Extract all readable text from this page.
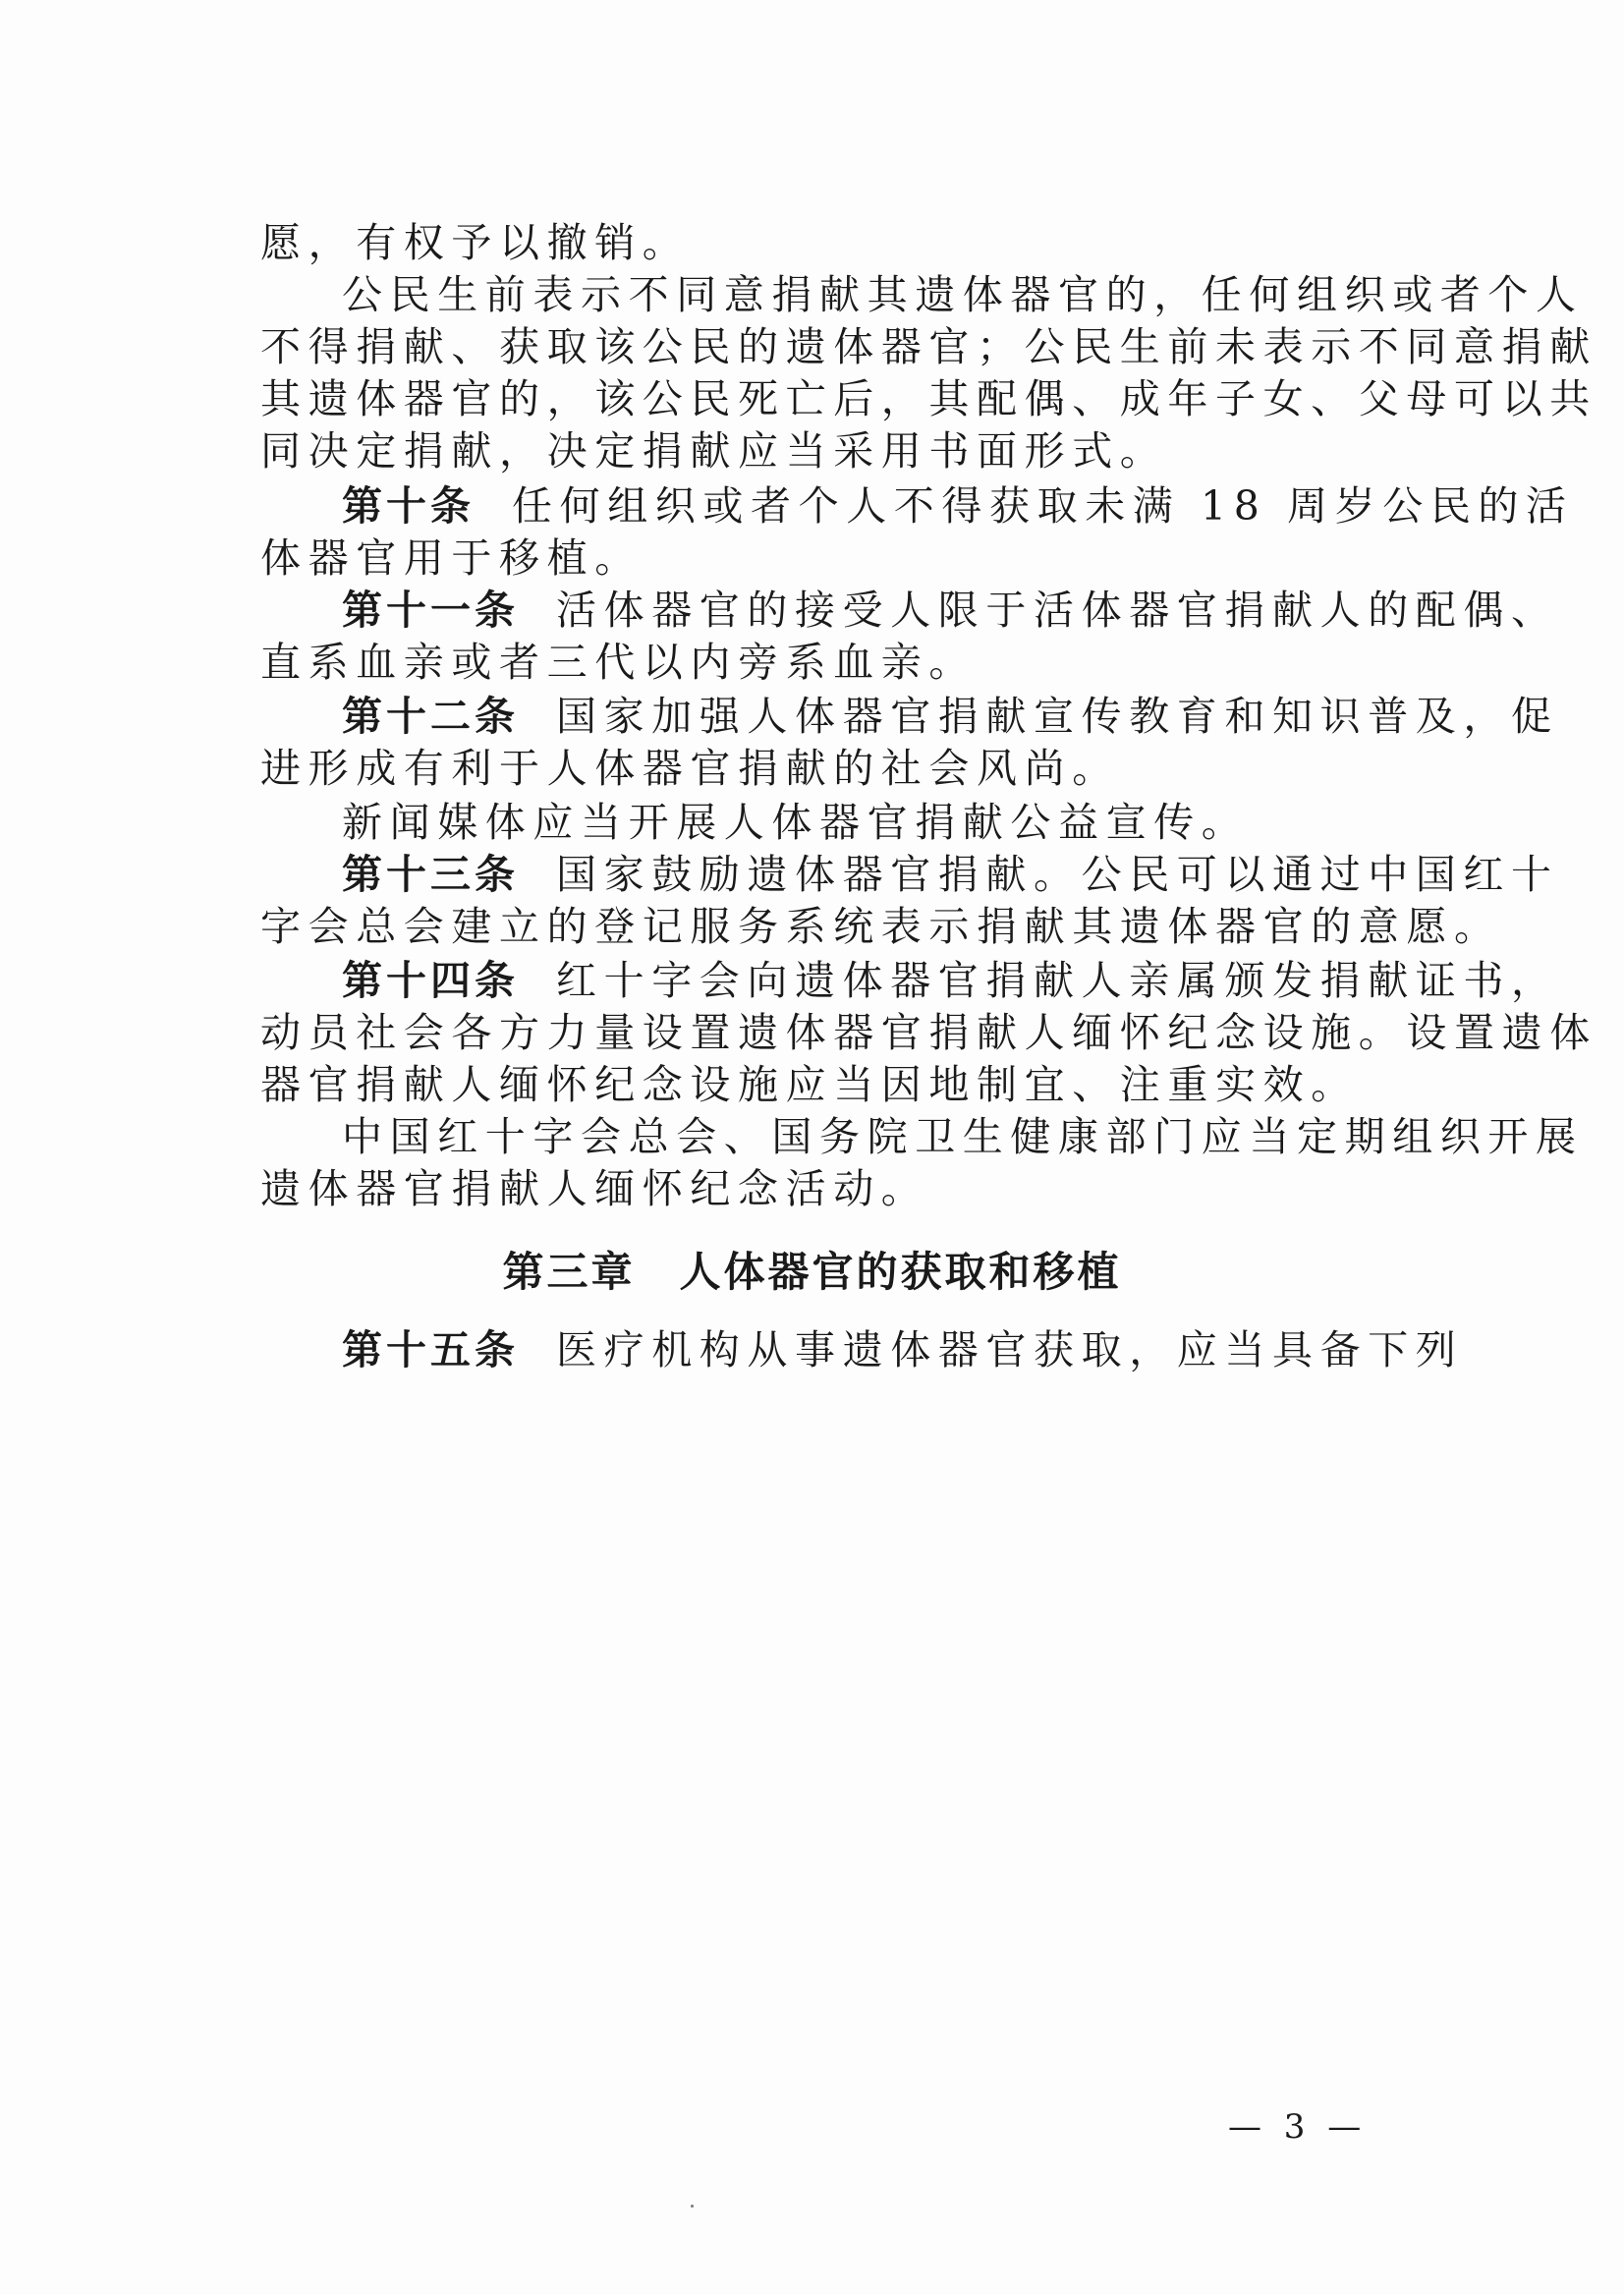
愿，有权予以撤销。
公民生前表示不同意捐献其遗体器官的，任何组织或者个人
不得捐献、获取该公民的遗体器官；公民生前未表示不同意捐献
其遗体器官的，该公民死亡后，其配偶、成年子女、父母可以共
同决定捐献，决定捐献应当采用书面形式。
第十条 任何组织或者个人不得获取未满 18 周岁公民的活
体器官用于移植。
第十一条 活体器官的接受人限于活体器官捐献人的配偶、
直系血亲或者三代以内旁系血亲。
第十二条 国家加强人体器官捐献宣传教育和知识普及，促
进形成有利于人体器官捐献的社会风尚。
新闻媒体应当开展人体器官捐献公益宣传。
第十三条 国家鼓励遗体器官捐献。公民可以通过中国红十
字会总会建立的登记服务系统表示捐献其遗体器官的意愿。
第十四条 红十字会向遗体器官捐献人亲属颁发捐献证书，
动员社会各方力量设置遗体器官捐献人缅怀纪念设施。设置遗体
器官捐献人缅怀纪念设施应当因地制宜、注重实效。
中国红十字会总会、国务院卫生健康部门应当定期组织开展
遗体器官捐献人缅怀纪念活动。
第三章　人体器官的获取和移植
第十五条 医疗机构从事遗体器官获取，应当具备下列
— 3 —
